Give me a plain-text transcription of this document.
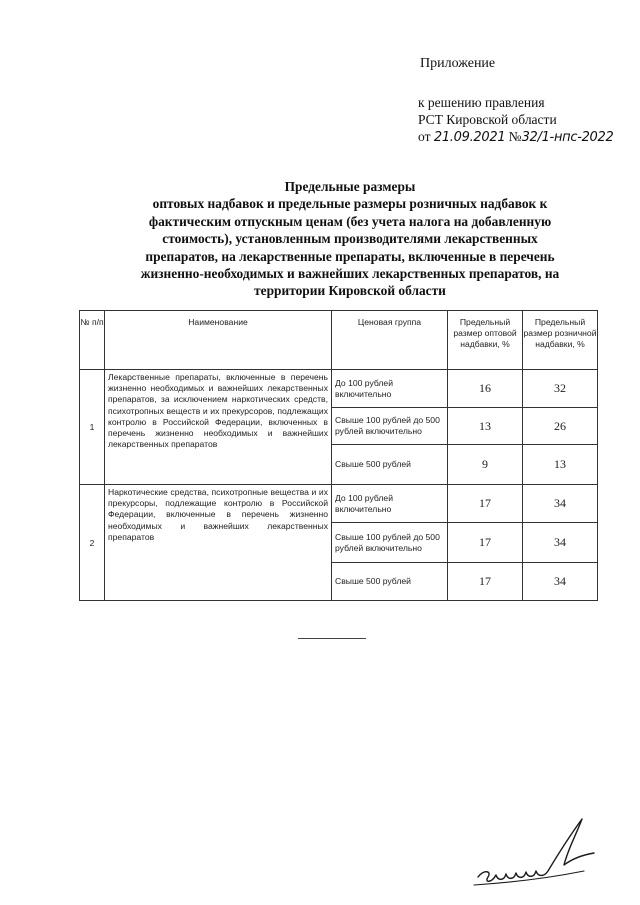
Приложение
к решению правления
РСТ Кировской области
от 21.09.2021 №32/1-нпс-2022
Предельные размеры
оптовых надбавок и предельные размеры розничных надбавок к
фактическим отпускным ценам (без учета налога на добавленную
стоимость), установленным производителями лекарственных
препаратов, на лекарственные препараты, включенные в перечень
жизненно-необходимых и важнейших лекарственных препаратов, на
территории Кировской области
№ п/п	Наименование	Ценовая группа	Предельный размер оптовой надбавки, %	Предельный размер розничной надбавки, %
1	Лекарственные препараты, включенные в перечень жизненно необходимых и важнейших лекарственных препаратов, за исключением наркотических средств, психотропных веществ и их прекурсоров, подлежащих контролю в Российской Федерации, включенных в перечень жизненно необходимых и важнейших лекарственных препаратов	До 100 рублей включительно	16	32
		Свыше 100 рублей до 500 рублей включительно	13	26
		Свыше 500 рублей	9	13
2	Наркотические средства, психотропные вещества и их прекурсоры, подлежащие контролю в Российской Федерации, включенные в перечень жизненно необходимых и важнейших лекарственных препаратов	До 100 рублей включительно	17	34
		Свыше 100 рублей до 500 рублей включительно	17	34
		Свыше 500 рублей	17	34
